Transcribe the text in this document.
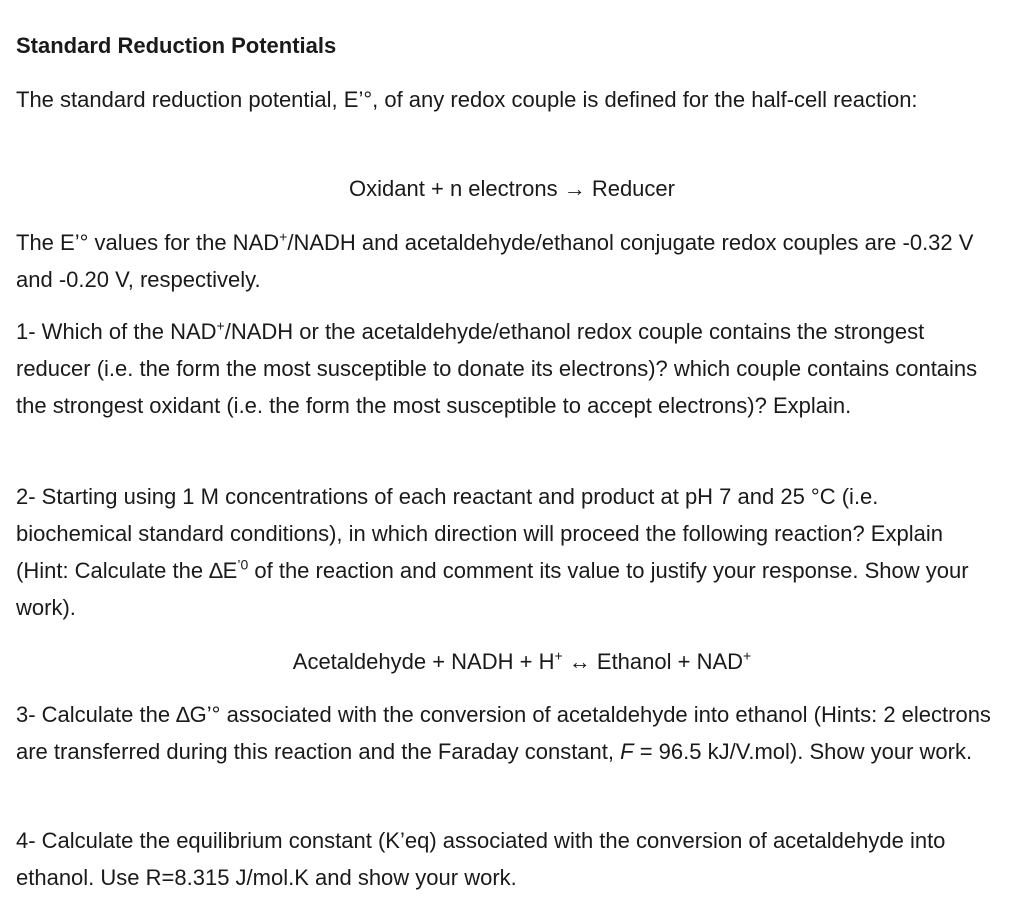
Standard Reduction Potentials

The standard reduction potential, E’°, of any redox couple is defined for the half-cell reaction:

Oxidant + n electrons → Reducer

The E’° values for the NAD+/NADH and acetaldehyde/ethanol conjugate redox couples are -0.32 V and -0.20 V, respectively.

1- Which of the NAD+/NADH or the acetaldehyde/ethanol redox couple contains the strongest reducer (i.e. the form the most susceptible to donate its electrons)? which couple contains contains the strongest oxidant (i.e. the form the most susceptible to accept electrons)? Explain.

2- Starting using 1 M concentrations of each reactant and product at pH 7 and 25 °C (i.e. biochemical standard conditions), in which direction will proceed the following reaction? Explain (Hint: Calculate the $\Delta E^{’0}$ of the reaction and comment its value to justify your response. Show your work).

Acetaldehyde + NADH + H+ ↔ Ethanol + NAD+

3- Calculate the ∆G’° associated with the conversion of acetaldehyde into ethanol (Hints: 2 electrons are transferred during this reaction and the Faraday constant, F = 96.5 kJ/V.mol). Show your work.

4- Calculate the equilibrium constant (K’eq) associated with the conversion of acetaldehyde into ethanol. Use R=8.315 J/mol.K and show your work.
